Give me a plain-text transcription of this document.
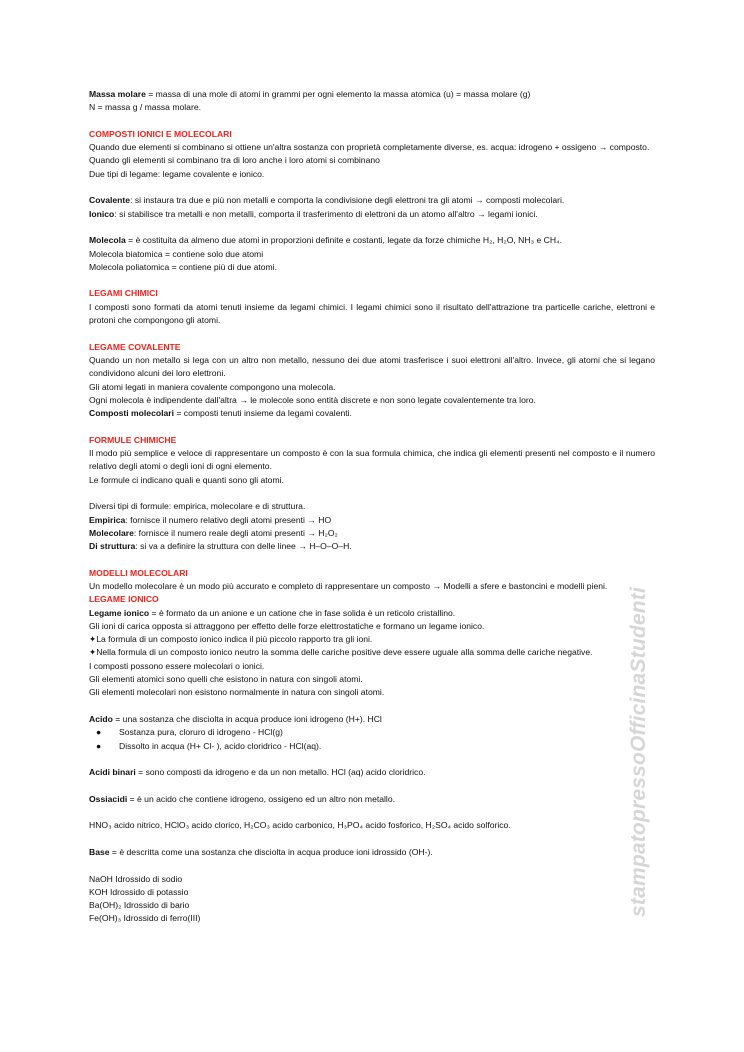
Massa molare = massa di una mole di atomi in grammi per ogni elemento la massa atomica (u) = massa molare (g)

N = massa g / massa molare.

COMPOSTI IONICI E MOLECOLARI

Quando due elementi si combinano si ottiene un'altra sostanza con proprietà completamente diverse, es. acqua: idrogeno + ossigeno → composto.

Quando gli elementi si combinano tra di loro anche i loro atomi si combinano

Due tipi di legame: legame covalente e ionico.

Covalente: si instaura tra due e più non metalli e comporta la condivisione degli elettroni tra gli atomi → composti molecolari.

Ionico: si stabilisce tra metalli e non metalli, comporta il trasferimento di elettroni da un atomo all'altro → legami ionici.

Molecola = è costituita da almeno due atomi in proporzioni definite e costanti, legate da forze chimiche H₂, H₂O, NH₃ e CH₄.

Molecola biatomica = contiene solo due atomi

Molecola poliatomica = contiene più di due atomi.

LEGAMI CHIMICI

I composti sono formati da atomi tenuti insieme da legami chimici. I legami chimici sono il risultato dell'attrazione tra particelle cariche, elettroni e protoni che compongono gli atomi.

LEGAME COVALENTE

Quando un non metallo si lega con un altro non metallo, nessuno dei due atomi trasferisce i suoi elettroni all'altro. Invece, gli atomi che si legano condividono alcuni dei loro elettroni.

Gli atomi legati in maniera covalente compongono una molecola.

Ogni molecola è indipendente dall'altra → le molecole sono entità discrete e non sono legate covalentemente tra loro.

Composti molecolari = composti tenuti insieme da legami covalenti.

FORMULE CHIMICHE

Il modo più semplice e veloce di rappresentare un composto è con la sua formula chimica, che indica gli elementi presenti nel composto e il numero relativo degli atomi o degli ioni di ogni elemento.

Le formule ci indicano quali e quanti sono gli atomi.

Diversi tipi di formule: empirica, molecolare e di struttura.

Empirica: fornisce il numero relativo degli atomi presenti → HO

Molecolare: fornisce il numero reale degli atomi presenti → H₂O₂

Di struttura: si va a definire la struttura con delle linee → H–O–O–H.

MODELLI MOLECOLARI

Un modello molecolare è un modo più accurato e completo di rappresentare un composto → Modelli a sfere e bastoncini e modelli pieni.

LEGAME IONICO

Legame ionico = è formato da un anione e un catione che in fase solida è un reticolo cristallino.

Gli ioni di carica opposta si attraggono per effetto delle forze elettrostatiche e formano un legame ionico.

✦La formula di un composto ionico indica il più piccolo rapporto tra gli ioni.

✦Nella formula di un composto ionico neutro la somma delle cariche positive deve essere uguale alla somma delle cariche negative.

I composti possono essere molecolari o ionici.

Gli elementi atomici sono quelli che esistono in natura con singoli atomi.

Gli elementi molecolari non esistono normalmente in natura con singoli atomi.

Acido = una sostanza che disciolta in acqua produce ioni idrogeno (H+). HCl

● Sostanza pura, cloruro di idrogeno - HCl(g)

● Dissolto in acqua (H+ Cl- ), acido cloridrico - HCl(aq).

Acidi binari = sono composti da idrogeno e da un non metallo. HCl (aq) acido cloridrico.

Ossiacidi = è un acido che contiene idrogeno, ossigeno ed un altro non metallo.

HNO₃ acido nitrico, HClO₃ acido clorico, H₂CO₃ acido carbonico, H₃PO₄ acido fosforico, H₂SO₄ acido solforico.

Base = è descritta come una sostanza che disciolta in acqua produce ioni idrossido (OH-).

NaOH Idrossido di sodio

KOH Idrossido di potassio

Ba(OH)₂ Idrossido di bario

Fe(OH)₃ Idrossido di ferro(III)

stampatopressoOfficinaStudenti
